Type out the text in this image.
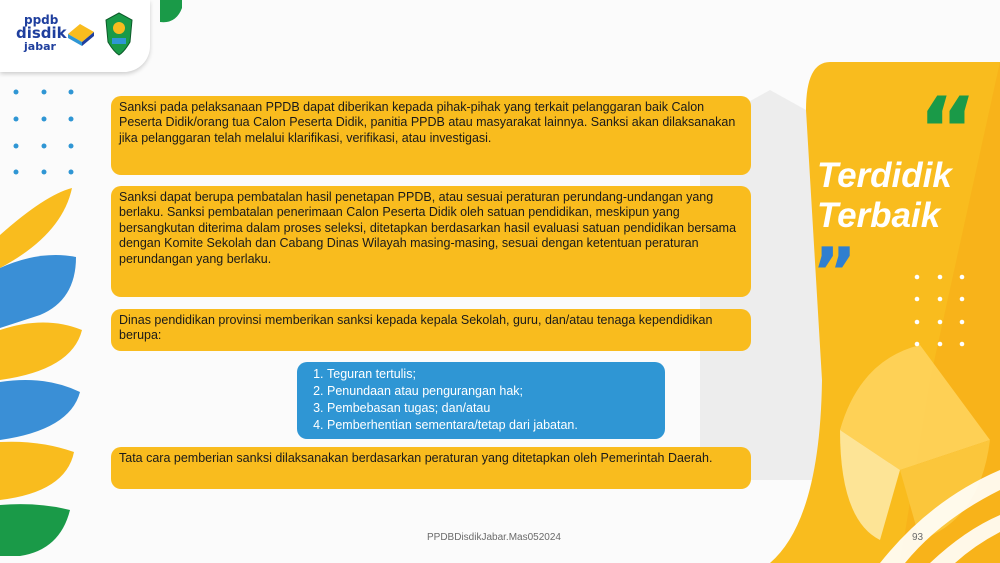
ppdb
disdik
jabar
Sanksi pada pelaksanaan PPDB dapat diberikan kepada pihak-pihak yang terkait pelanggaran baik Calon Peserta Didik/orang tua Calon Peserta Didik, panitia PPDB atau masyarakat lainnya. Sanksi akan dilaksanakan jika pelanggaran telah melalui klarifikasi, verifikasi, atau investigasi.
Sanksi dapat berupa pembatalan hasil penetapan PPDB, atau sesuai peraturan perundang-undangan yang berlaku. Sanksi pembatalan penerimaan Calon Peserta Didik oleh satuan pendidikan, meskipun yang bersangkutan diterima dalam proses seleksi, ditetapkan berdasarkan hasil evaluasi satuan pendidikan bersama dengan Komite Sekolah dan Cabang Dinas Wilayah masing-masing, sesuai dengan ketentuan peraturan perundangan yang berlaku.
Dinas pendidikan provinsi memberikan sanksi kepada kepala Sekolah, guru, dan/atau tenaga kependidikan berupa:
1. Teguran tertulis;
2. Penundaan atau pengurangan hak;
3. Pembebasan tugas; dan/atau
4. Pemberhentian sementara/tetap dari jabatan.
Tata cara pemberian sanksi dilaksanakan berdasarkan peraturan yang ditetapkan oleh Pemerintah Daerah.
“
Terdidik
Terbaik
”
PPDBDisdikJabar.Mas052024	93
